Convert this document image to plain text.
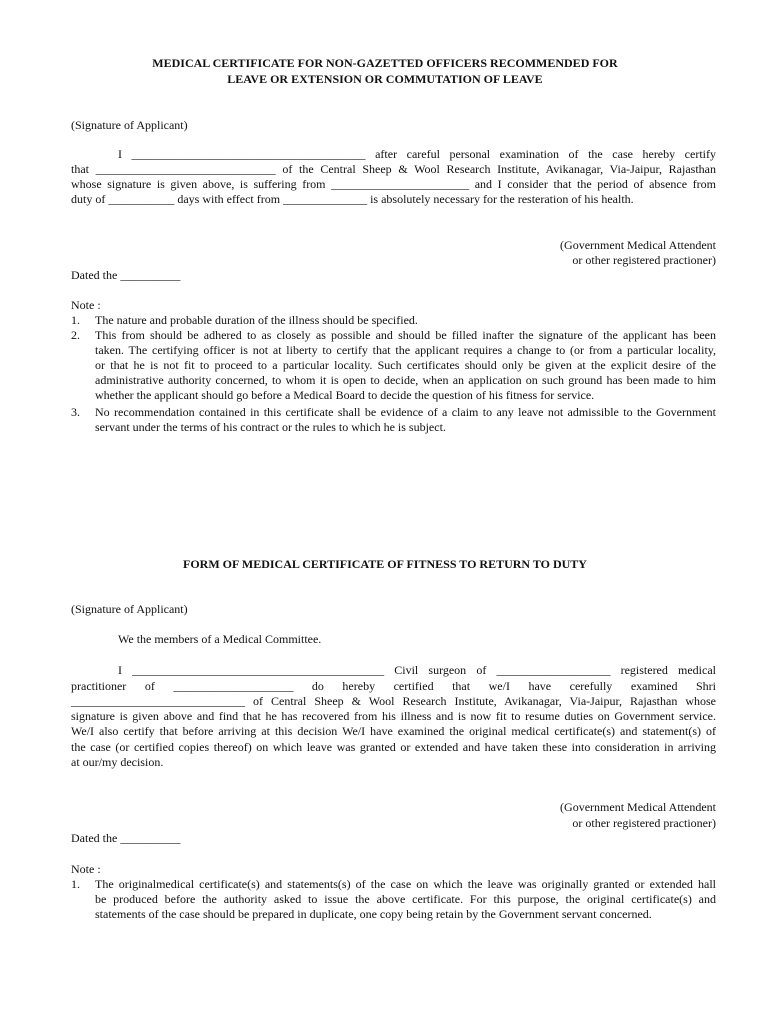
MEDICAL CERTIFICATE FOR NON-GAZETTED OFFICERS RECOMMENDED FOR
LEAVE OR EXTENSION OR COMMUTATION OF LEAVE
(Signature of Applicant)
I _______________________________________ after careful personal examination of the case hereby certify
that ______________________________ of the Central Sheep & Wool Research Institute, Avikanagar, Via-Jaipur, Rajasthan
whose signature is given above, is suffering from _______________________ and I consider that the period of absence from
duty of ___________ days with effect from ______________ is absolutely necessary for the resteration of his health.
(Government Medical Attendent
or other registered practioner)
Dated the __________
Note :
1. The nature and probable duration of the illness should be specified.
2. This from should be adhered to as closely as possible and should be filled inafter the signature of the applicant has been
taken. The certifying officer is not at liberty to certify that the applicant requires a change to (or from a particular locality,
or that he is not fit to proceed to a particular locality. Such certificates should only be given at the explicit desire of the
administrative authority concerned, to whom it is open to decide, when an application on such ground has been made to him
whether the applicant should go before a Medical Board to decide the question of his fitness for service.
3. No recommendation contained in this certificate shall be evidence of a claim to any leave not admissible to the Government
servant under the terms of his contract or the rules to which he is subject.
FORM OF MEDICAL CERTIFICATE OF FITNESS TO RETURN TO DUTY
(Signature of Applicant)
We the members of a Medical Committee.
I __________________________________________ Civil surgeon of ___________________ registered medical
practitioner of ____________________ do hereby certified that we/I have cerefully examined Shri
_____________________________ of Central Sheep & Wool Research Institute, Avikanagar, Via-Jaipur, Rajasthan whose
signature is given above and find that he has recovered from his illness and is now fit to resume duties on Government service.
We/I also certify that before arriving at this decision We/I have examined the original medical certificate(s) and statement(s) of
the case (or certified copies thereof) on which leave was granted or extended and have taken these into consideration in arriving
at our/my decision.
(Government Medical Attendent
or other registered practioner)
Dated the __________
Note :
1. The originalmedical certificate(s) and statements(s) of the case on which the leave was originally granted or extended hall
be produced before the authority asked to issue the above certificate. For this purpose, the original certificate(s) and
statements of the case should be prepared in duplicate, one copy being retain by the Government servant concerned.
